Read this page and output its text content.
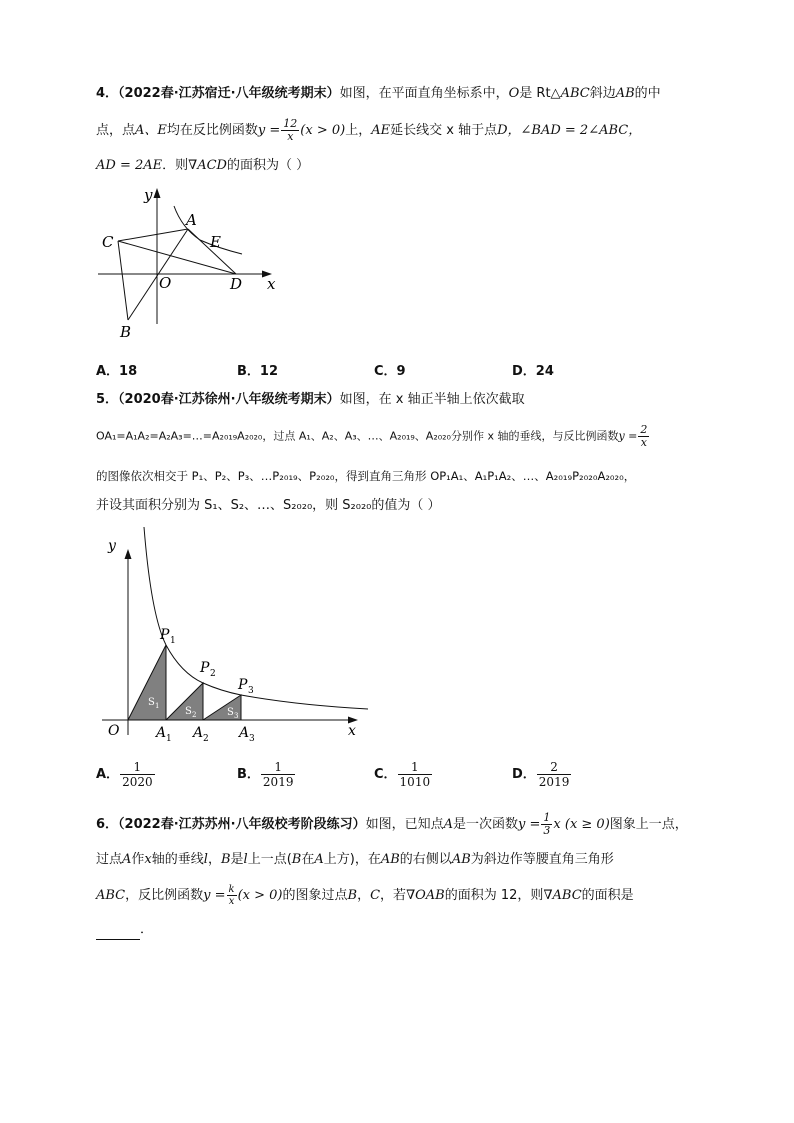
4．（2022春·江苏宿迁·八年级统考期末）如图，在平面直角坐标系中，O是 Rt△ABC斜边AB的中
点，点A、E均在反比例函数$y = \frac{12}{x} (x > 0)$上，AE延长线交 x 轴于点D，∠BAD = 2∠ABC，
AD = 2AE．则∇ACD的面积为（ ）
y
A
E
C
O	D x
B
A．18	B．12	C．9	D．24
5．（2020春·江苏徐州·八年级统考期末）如图，在 x 轴正半轴上依次截取
OA₁=A₁A₂=A₂A₃=…=A₂₀₁₉A₂₀₂₀，过点 A₁、A₂、A₃、…、A₂₀₁₉、A₂₀₂₀分别作 x 轴的垂线，与反比例函数$y = \frac{2}{x}$
的图像依次相交于 P₁、P₂、P₃、…P₂₀₁₉、P₂₀₂₀，得到直角三角形 OP₁A₁、A₁P₁A₂、…、A₂₀₁₉P₂₀₂₀A₂₀₂₀，
并设其面积分别为 S₁、S₂、…、S₂₀₂₀，则 S₂₀₂₀的值为（ ）
y
x
O
P 1
P 2
P 3
A 1 A 2 A 3
S 1	S 2	S 3
A． $\frac{1}{2020}$	B． $\frac{1}{2019}$	C． $\frac{1}{1010}$	D． $\frac{2}{2019}$
6．（2022春·江苏苏州·八年级校考阶段练习）如图，已知点A是一次函数$y = \frac{1}{3}$ x (x ≥ 0)图象上一点，
过点A作x轴的垂线l，B是l上一点(B在A上方)，在AB的右侧以AB为斜边作等腰直角三角形
ABC，反比例函数$y = \frac{k}{x} (x > 0)$的图象过点B，C，若∇OAB的面积为 12，则∇ABC的面积是
．
